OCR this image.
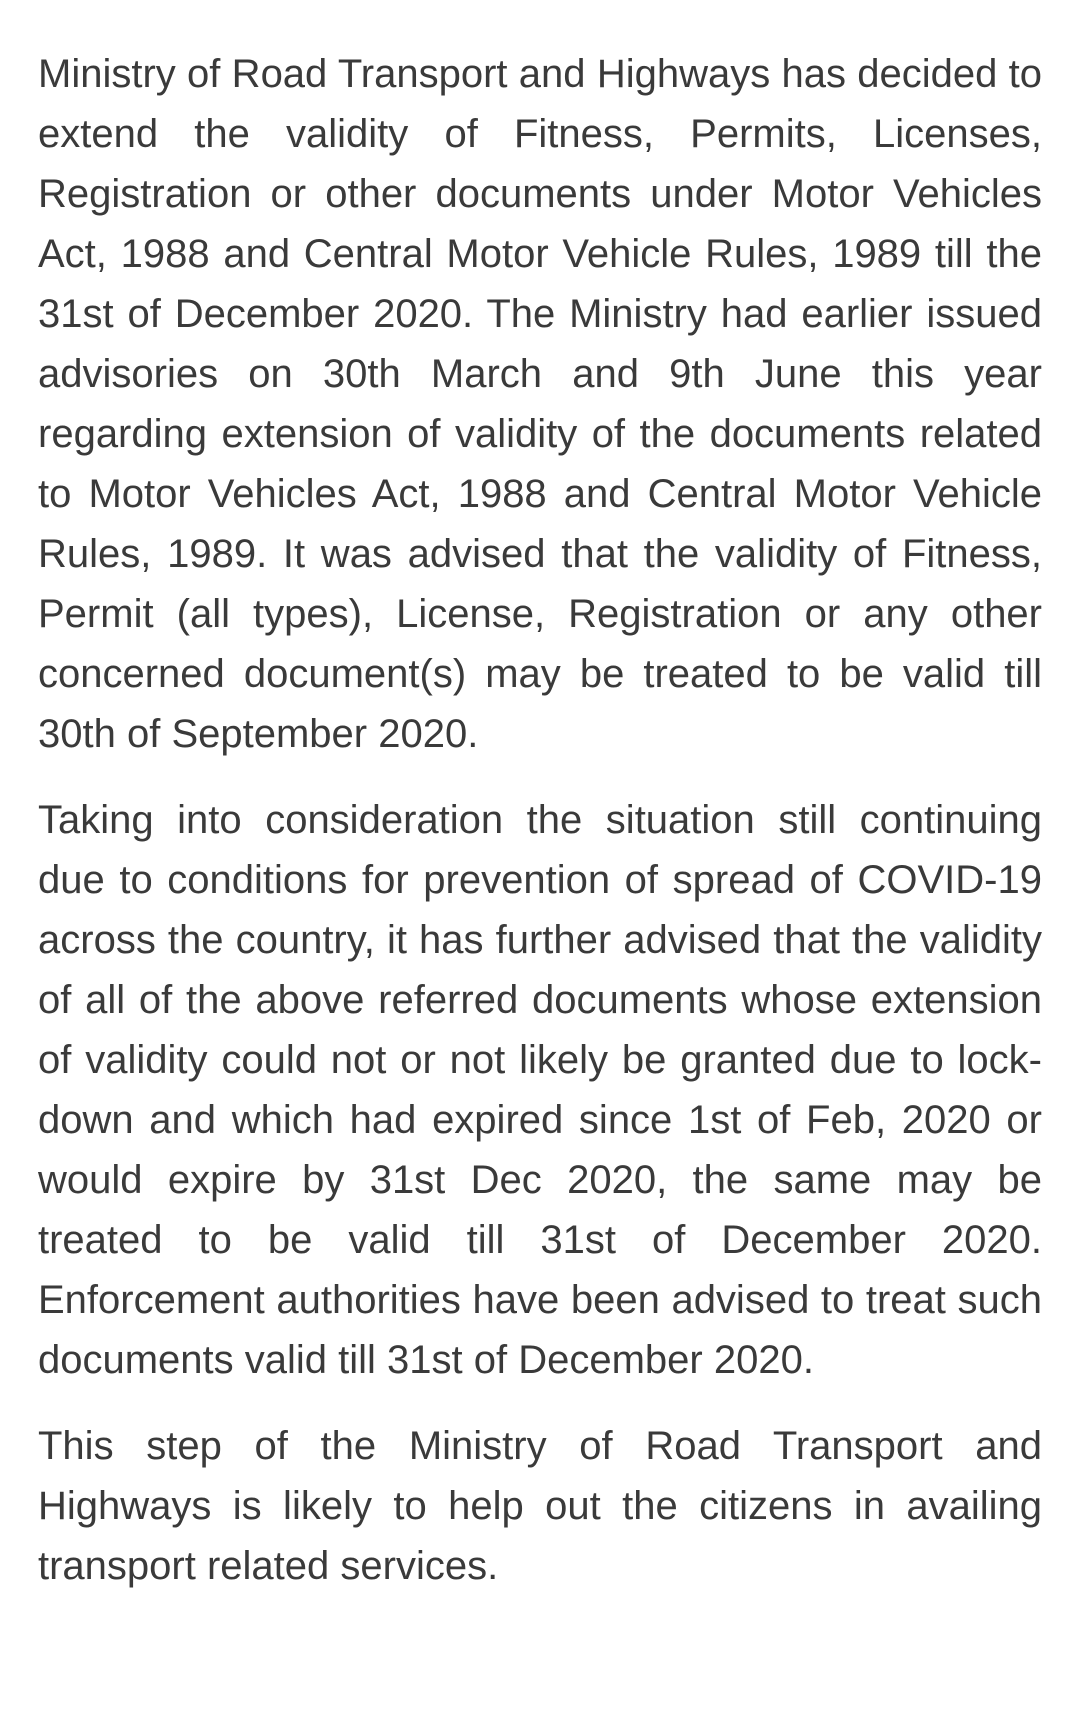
Ministry of Road Transport and Highways has decided to extend the validity of Fitness, Permits, Licenses, Registration or other documents under Motor Vehicles Act, 1988 and Central Motor Vehicle Rules, 1989 till the 31st of December 2020. The Ministry had earlier issued advisories on 30th March and 9th June this year regarding extension of validity of the documents related to Motor Vehicles Act, 1988 and Central Motor Vehicle Rules, 1989. It was advised that the validity of Fitness, Permit (all types), License, Registration or any other concerned document(s) may be treated to be valid till 30th of September 2020.

Taking into consideration the situation still continuing due to conditions for prevention of spread of COVID-19 across the country, it has further advised that the validity of all of the above referred documents whose extension of validity could not or not likely be granted due to lock-down and which had expired since 1st of Feb, 2020 or would expire by 31st Dec 2020, the same may be treated to be valid till 31st of December 2020. Enforcement authorities have been advised to treat such documents valid till 31st of December 2020.

This step of the Ministry of Road Transport and Highways is likely to help out the citizens in availing transport related services.
